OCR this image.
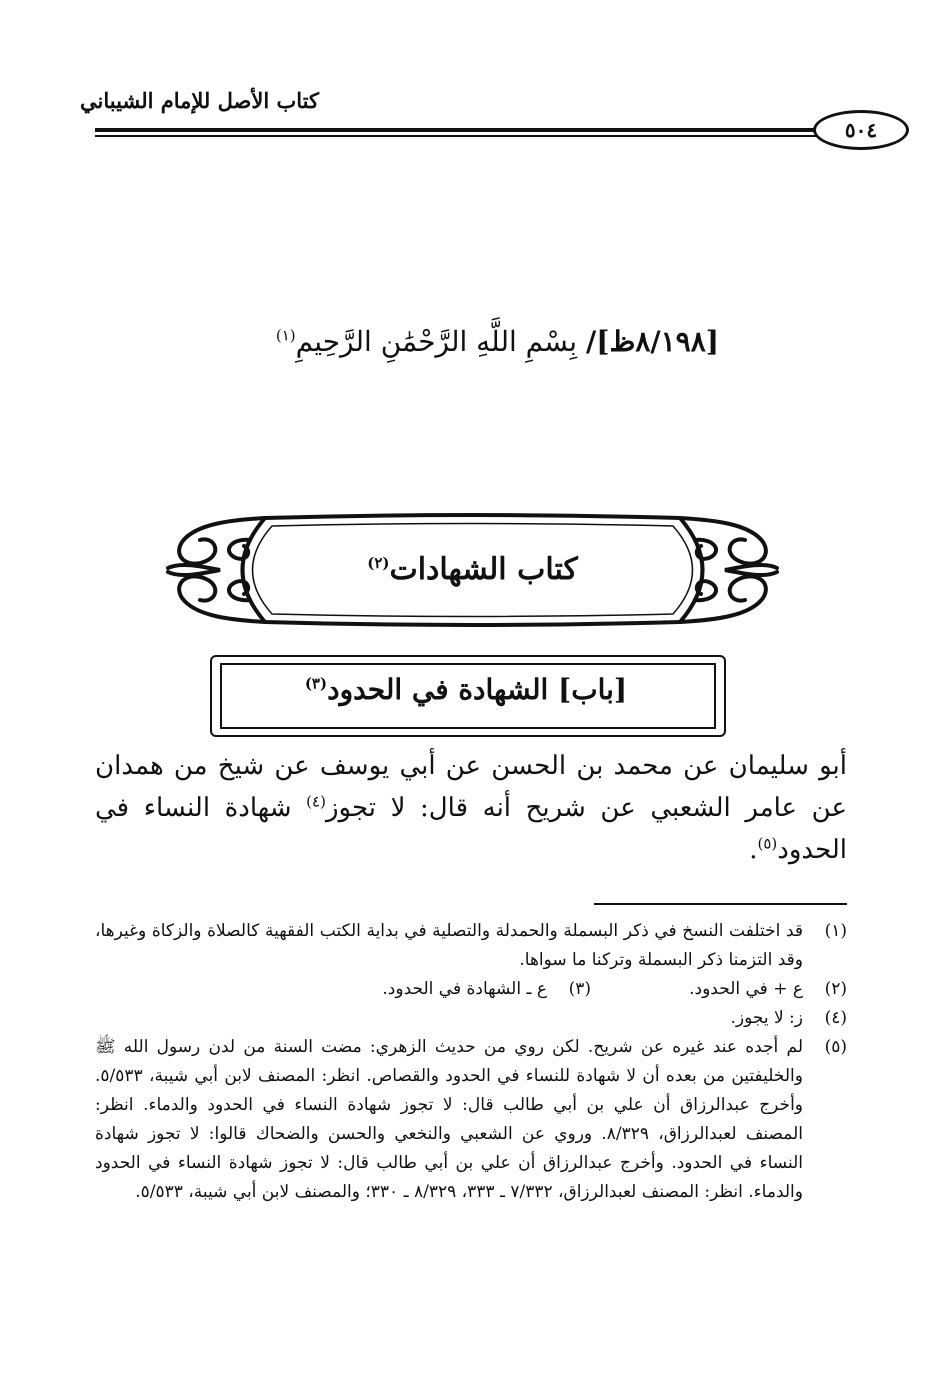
كتاب الأصل للإمام الشيباني
٥٠٤
/[٨/١٩٨ظ] بِسْمِ اللَّهِ الرَّحْمَٰنِ الرَّحِيمِ$^{(١)}$
كتاب الشهادات$^{(٢)}$
[باب] الشهادة في الحدود$^{(٣)}$
أبو سليمان عن محمد بن الحسن عن أبي يوسف عن شيخ من همدان عن عامر الشعبي عن شريح أنه قال: لا تجوز$^{(٤)}$ شهادة النساء في الحدود$^{(٥)}$.
(١)
قد اختلفت النسخ في ذكر البسملة والحمدلة والتصلية في بداية الكتب الفقهية كالصلاة والزكاة وغيرها، وقد التزمنا ذكر البسملة وتركنا ما سواها.
(٢)
ع + في الحدود.
(٣)
ع ـ الشهادة في الحدود.
(٤)
ز: لا يجوز.
(٥)
لم أجده عند غيره عن شريح. لكن روي من حديث الزهري: مضت السنة من لدن رسول الله ﷺ والخليفتين من بعده أن لا شهادة للنساء في الحدود والقصاص. انظر: المصنف لابن أبي شيبة، ٥/٥٣٣. وأخرج عبدالرزاق أن علي بن أبي طالب قال: لا تجوز شهادة النساء في الحدود والدماء. انظر: المصنف لعبدالرزاق، ٨/٣٢٩. وروي عن الشعبي والنخعي والحسن والضحاك قالوا: لا تجوز شهادة النساء في الحدود. وأخرج عبدالرزاق أن علي بن أبي طالب قال: لا تجوز شهادة النساء في الحدود والدماء. انظر: المصنف لعبدالرزاق، ٧/٣٣٢ ـ ٣٣٣، ٨/٣٢٩ ـ ٣٣٠؛ والمصنف لابن أبي شيبة، ٥/٥٣٣.
